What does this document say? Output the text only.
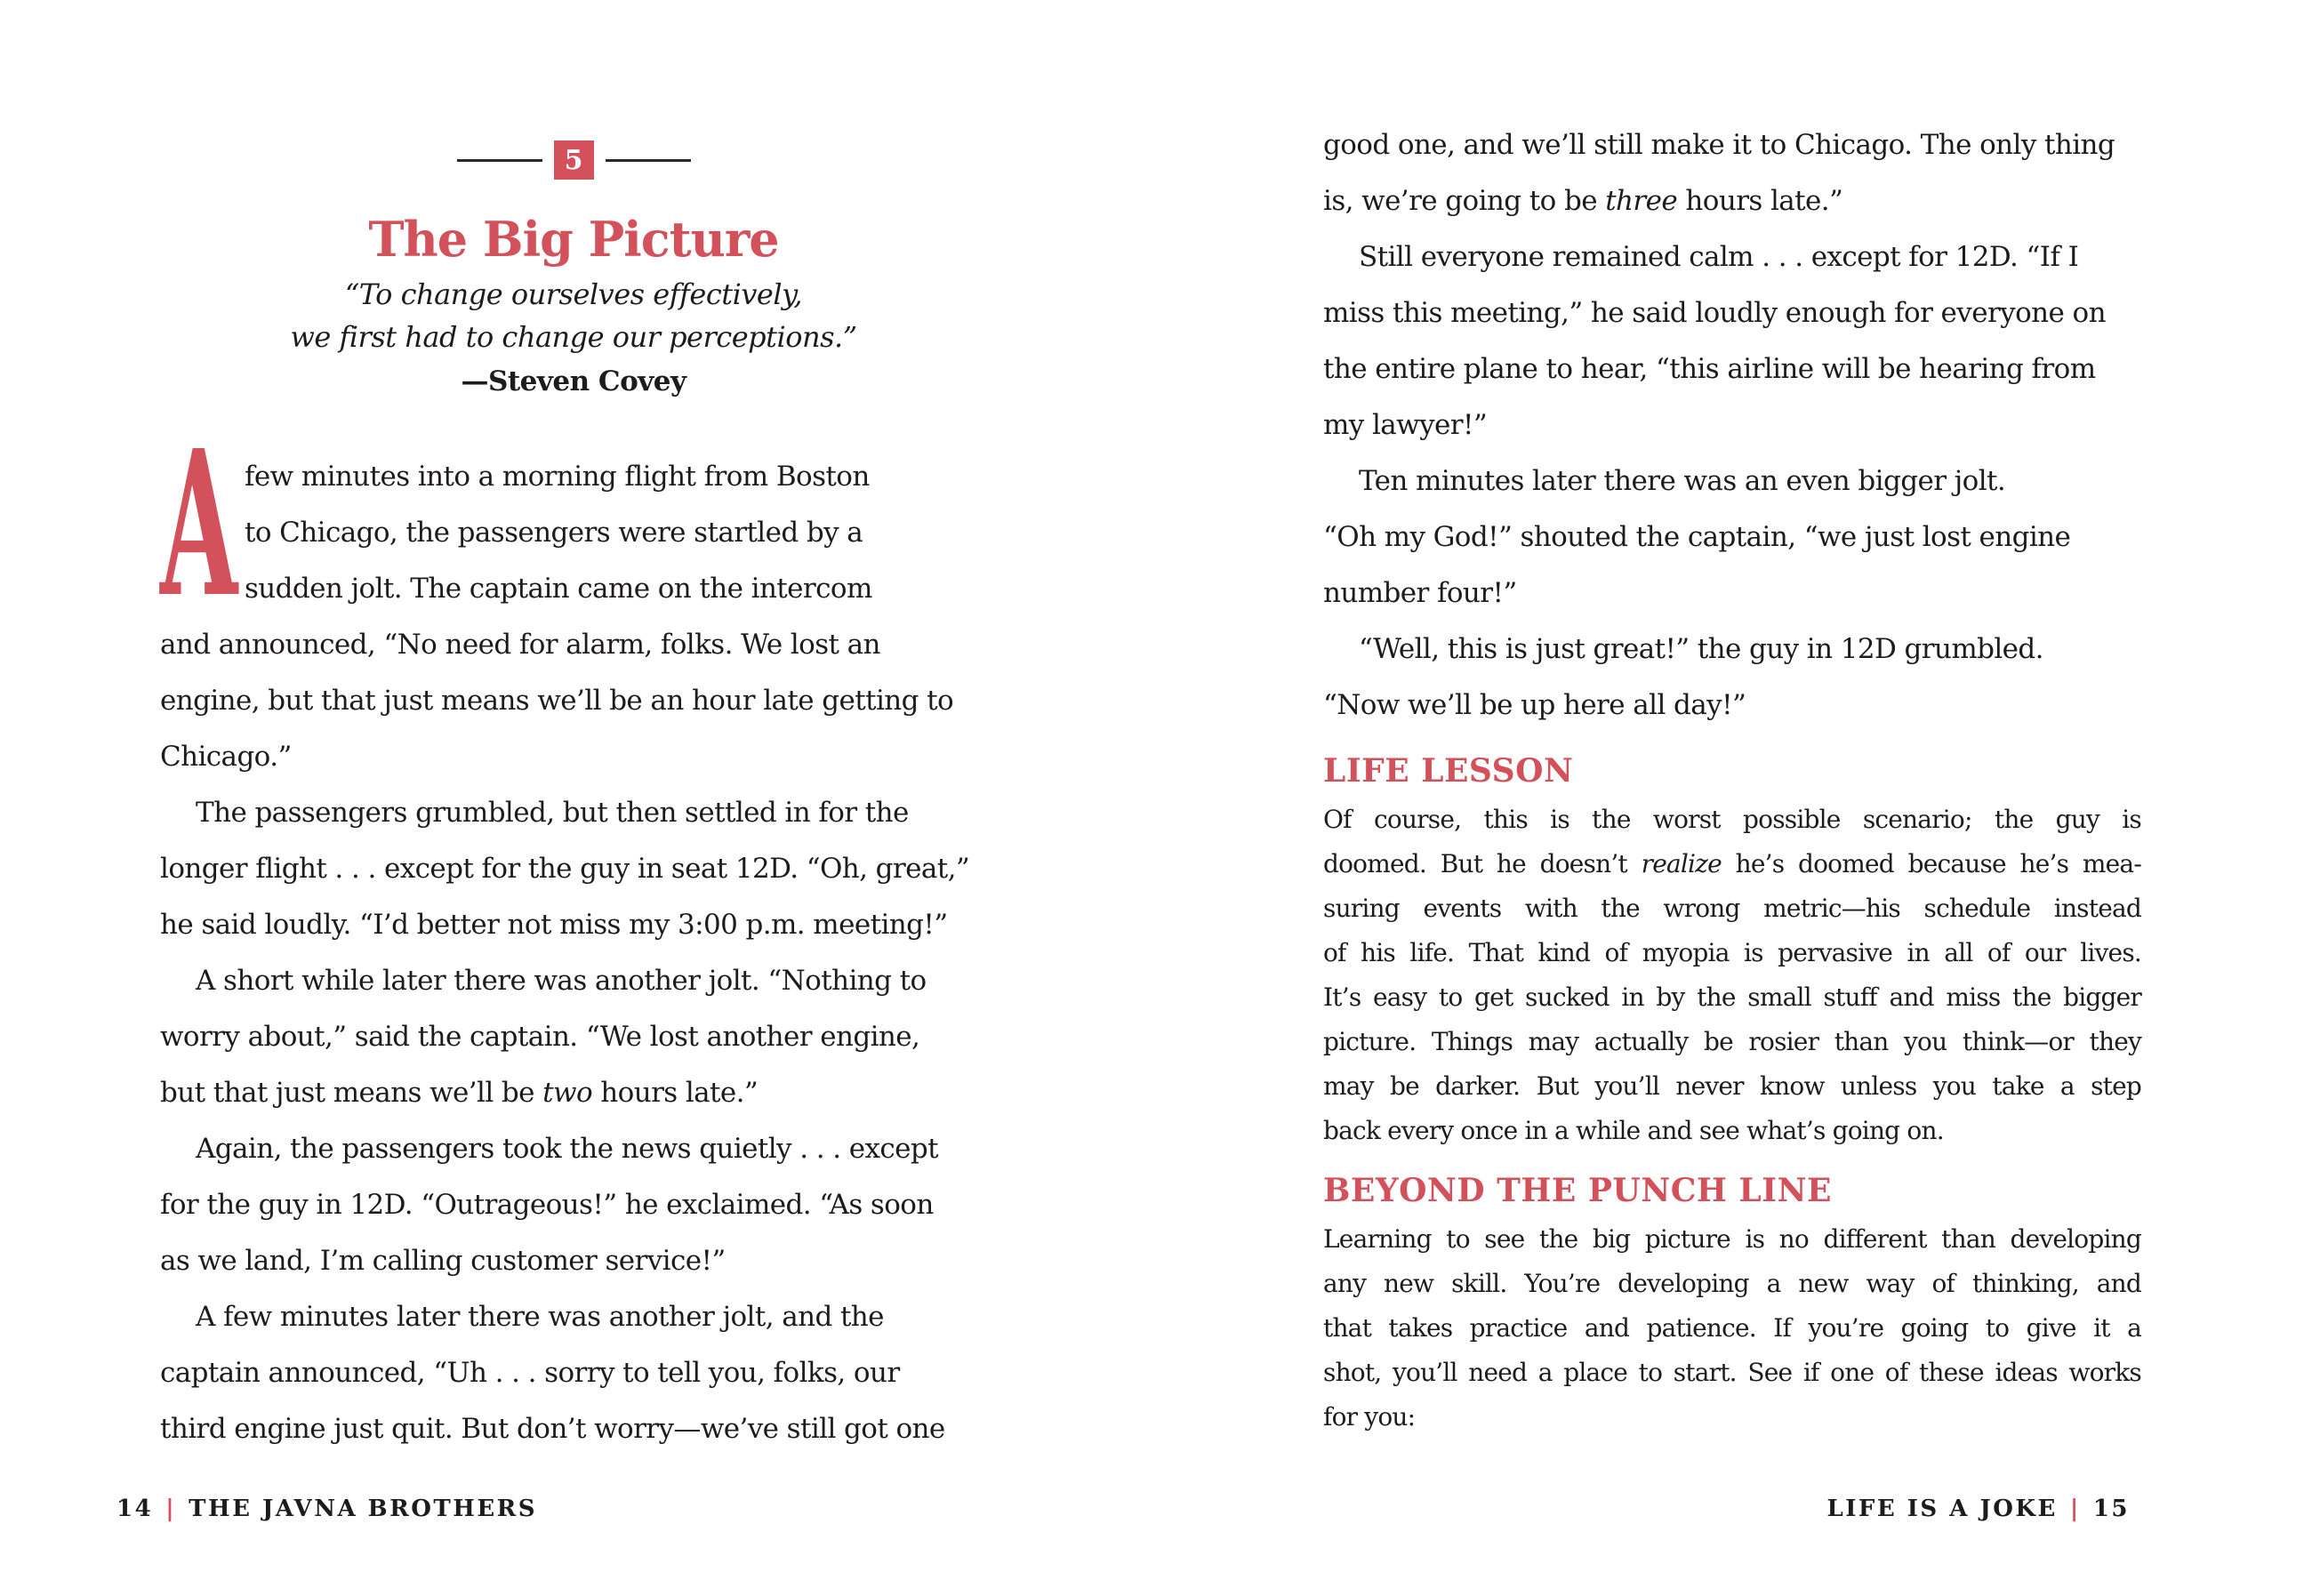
5
The Big Picture
“To change ourselves effectively,
we first had to change our perceptions.”
—Steven Covey
A few minutes into a morning flight from Boston
to Chicago, the passengers were startled by a
sudden jolt. The captain came on the intercom
and announced, “No need for alarm, folks. We lost an
engine, but that just means we’ll be an hour late getting to
Chicago.”
The passengers grumbled, but then settled in for the
longer flight . . . except for the guy in seat 12D. “Oh, great,”
he said loudly. “I’d better not miss my 3:00 p.m. meeting!”
A short while later there was another jolt. “Nothing to
worry about,” said the captain. “We lost another engine,
but that just means we’ll be two hours late.”
Again, the passengers took the news quietly . . . except
for the guy in 12D. “Outrageous!” he exclaimed. “As soon
as we land, I’m calling customer service!”
A few minutes later there was another jolt, and the
captain announced, “Uh . . . sorry to tell you, folks, our
third engine just quit. But don’t worry—we’ve still got one
good one, and we’ll still make it to Chicago. The only thing
is, we’re going to be three hours late.”
Still everyone remained calm . . . except for 12D. “If I
miss this meeting,” he said loudly enough for everyone on
the entire plane to hear, “this airline will be hearing from
my lawyer!”
Ten minutes later there was an even bigger jolt.
“Oh my God!” shouted the captain, “we just lost engine
number four!”
“Well, this is just great!” the guy in 12D grumbled.
“Now we’ll be up here all day!”
LIFE LESSON
Of course, this is the worst possible scenario; the guy is
doomed. But he doesn’t realize he’s doomed because he’s mea-
suring events with the wrong metric—his schedule instead
of his life. That kind of myopia is pervasive in all of our lives.
It’s easy to get sucked in by the small stuff and miss the bigger
picture. Things may actually be rosier than you think—or they
may be darker. But you’ll never know unless you take a step
back every once in a while and see what’s going on.
BEYOND THE PUNCH LINE
Learning to see the big picture is no different than developing
any new skill. You’re developing a new way of thinking, and
that takes practice and patience. If you’re going to give it a
shot, you’ll need a place to start. See if one of these ideas works
for you:
14 | THE JAVNA BROTHERS	LIFE IS A JOKE | 15
